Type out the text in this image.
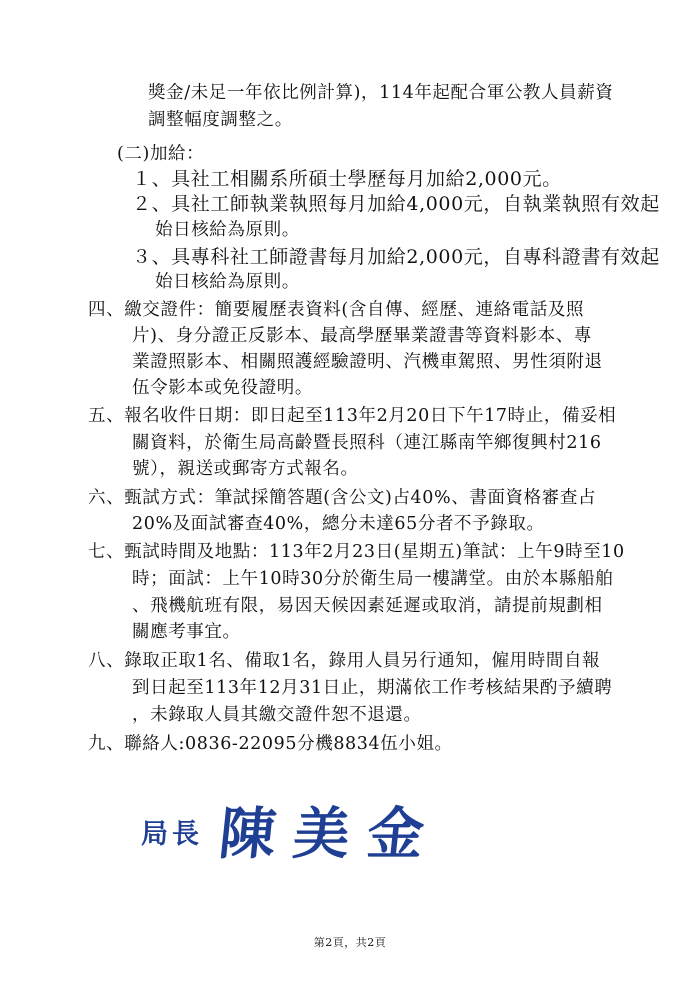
獎金/未足一年依比例計算)，114年起配合軍公教人員薪資
調整幅度調整之。
(二)加給：
１、具社工相關系所碩士學歷每月加給2,000元。
２、具社工師執業執照每月加給4,000元，自執業執照有效起
始日核給為原則。
３、具專科社工師證書每月加給2,000元，自專科證書有效起
始日核給為原則。
四、繳交證件：簡要履歷表資料(含自傳、經歷、連絡電話及照
片)、身分證正反影本、最高學歷畢業證書等資料影本、專
業證照影本、相關照護經驗證明、汽機車駕照、男性須附退
伍令影本或免役證明。
五、報名收件日期：即日起至113年2月20日下午17時止，備妥相
關資料，於衛生局高齡暨長照科（連江縣南竿鄉復興村216
號），親送或郵寄方式報名。
六、甄試方式：筆試採簡答題(含公文)占40%、書面資格審查占
20%及面試審查40%，總分未達65分者不予錄取。
七、甄試時間及地點：113年2月23日(星期五)筆試：上午9時至10
時；面試：上午10時30分於衛生局一樓講堂。由於本縣船舶
、飛機航班有限，易因天候因素延遲或取消，請提前規劃相
關應考事宜。
八、錄取正取1名、備取1名，錄用人員另行通知，僱用時間自報
到日起至113年12月31日止，期滿依工作考核結果酌予續聘
，未錄取人員其繳交證件恕不退還。
九、聯絡人:0836-22095分機8834伍小姐。
局長 陳美金
第2頁，共2頁
